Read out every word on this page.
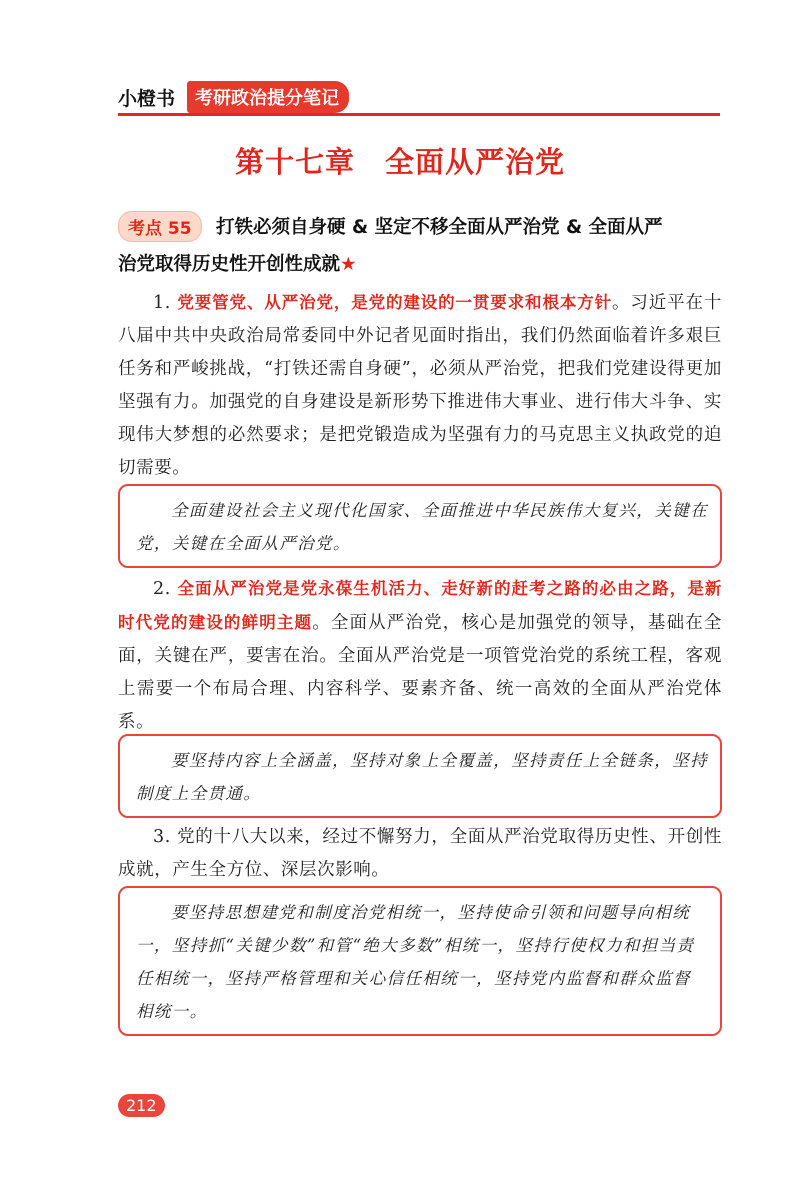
小橙书	考研政治提分笔记
第十七章　全面从严治党
考点 55	打铁必须自身硬 & 坚定不移全面从严治党 & 全面从严
治党取得历史性开创性成就★
1. 党要管党、从严治党，是党的建设的一贯要求和根本方针。习近平在十八届中共中央政治局常委同中外记者见面时指出，我们仍然面临着许多艰巨任务和严峻挑战，“打铁还需自身硬”，必须从严治党，把我们党建设得更加坚强有力。加强党的自身建设是新形势下推进伟大事业、进行伟大斗争、实现伟大梦想的必然要求；是把党锻造成为坚强有力的马克思主义执政党的迫切需要。
全面建设社会主义现代化国家、全面推进中华民族伟大复兴，关键在党，关键在全面从严治党。
2. 全面从严治党是党永葆生机活力、走好新的赶考之路的必由之路，是新时代党的建设的鲜明主题。全面从严治党，核心是加强党的领导，基础在全面，关键在严，要害在治。全面从严治党是一项管党治党的系统工程，客观上需要一个布局合理、内容科学、要素齐备、统一高效的全面从严治党体系。
要坚持内容上全涵盖，坚持对象上全覆盖，坚持责任上全链条，坚持制度上全贯通。
3. 党的十八大以来，经过不懈努力，全面从严治党取得历史性、开创性成就，产生全方位、深层次影响。
要坚持思想建党和制度治党相统一，坚持使命引领和问题导向相统一，坚持抓“关键少数”和管“绝大多数”相统一，坚持行使权力和担当责任相统一，坚持严格管理和关心信任相统一，坚持党内监督和群众监督相统一。
212
